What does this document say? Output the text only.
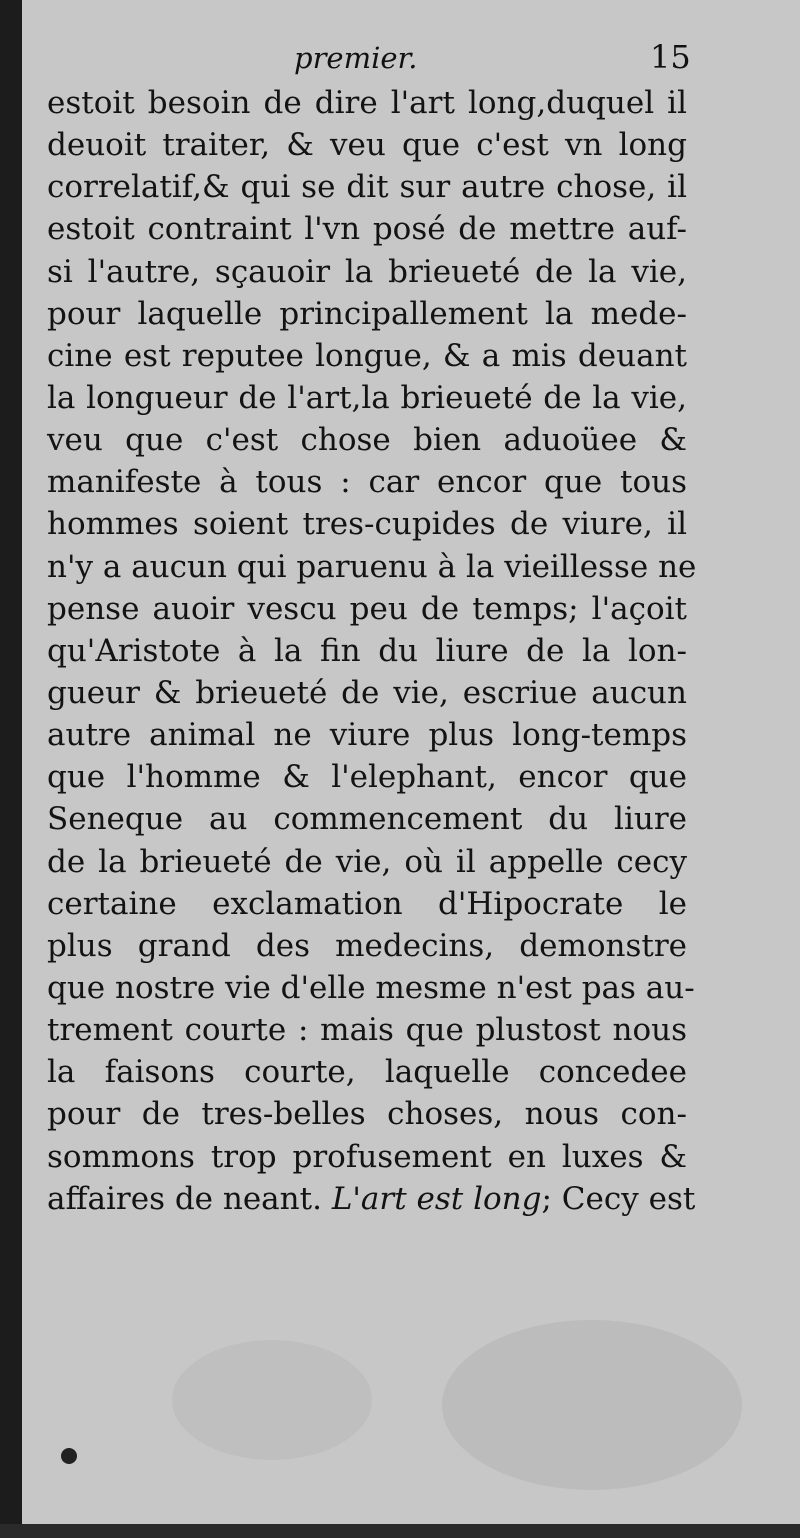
premier.	15
estoit besoin de dire l'art long,duquel il
deuoit traiter, & veu que c'est vn long
correlatif,& qui se dit sur autre chose, il
estoit contraint l'vn posé de mettre auf-
si l'autre, sçauoir la brieueté de la vie,
pour laquelle principallement la mede-
cine est reputee longue, & a mis deuant
la longueur de l'art,la brieueté de la vie,
veu que c'est chose bien aduoüee &
manifeste à tous : car encor que tous
hommes soient tres-cupides de viure, il
n'y a aucun qui paruenu à la vieillesse ne
pense auoir vescu peu de temps; l'açoit
qu'Aristote à la fin du liure de la lon-
gueur & brieueté de vie, escriue aucun
autre animal ne viure plus long-temps
que l'homme & l'elephant, encor que
Seneque au commencement du liure
de la brieueté de vie, où il appelle cecy
certaine exclamation d'Hipocrate le
plus grand des medecins, demonstre
que nostre vie d'elle mesme n'est pas au-
trement courte : mais que plustost nous
la faisons courte, laquelle concedee
pour de tres-belles choses, nous con-
sommons trop profusement en luxes &
affaires de neant. L'art est long; Cecy est
